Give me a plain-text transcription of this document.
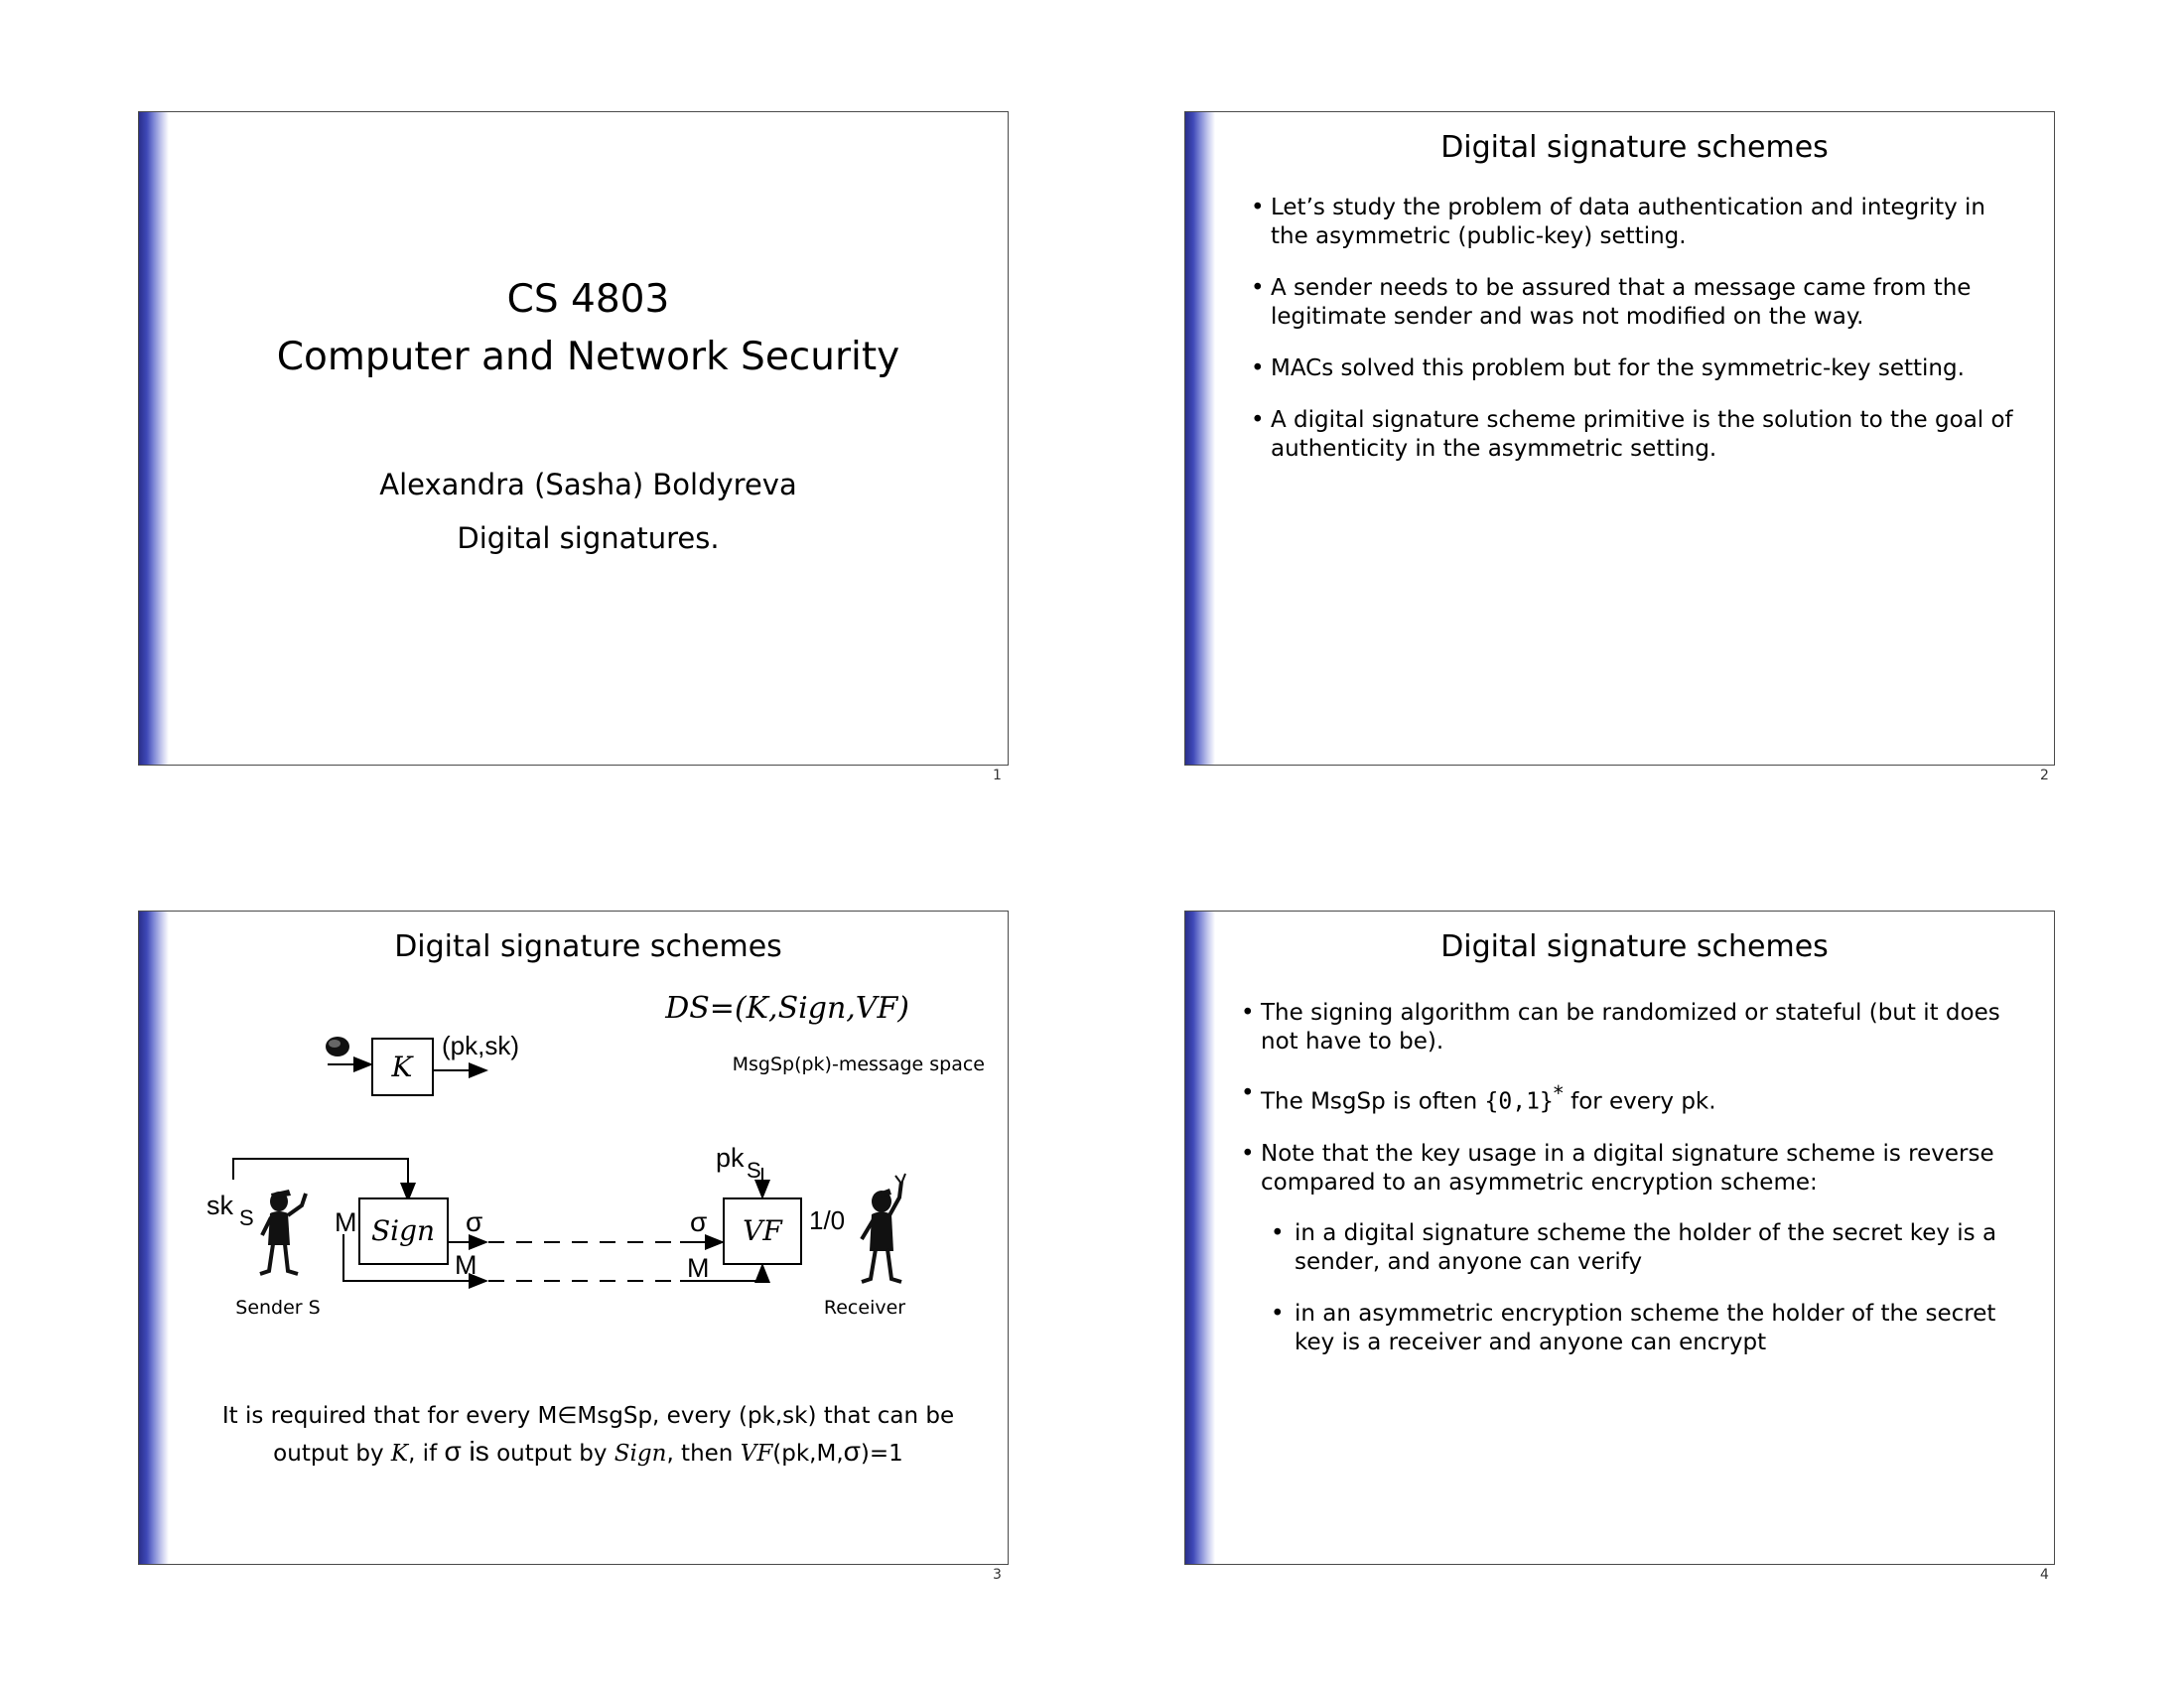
CS 4803
Computer and Network Security
Alexandra (Sasha) Boldyreva
Digital signatures.
1
Digital signature schemes
• Let’s study the problem of data authentication and integrity in the asymmetric (public-key) setting.
• A sender needs to be assured that a message came from the legitimate sender and was not modified on the way.
• MACs solved this problem but for the symmetric-key setting.
• A digital signature scheme primitive is the solution to the goal of authenticity in the asymmetric setting.
2
Digital signature schemes
DS=(K,Sign,VF)
MsgSp(pk)-message space
K
(pk,sk)
sk S	M Sign σ
M
σ
M
pk S
VF 1/0
Sender S	Receiver
It is required that for every M∈MsgSp, every (pk,sk) that can be
output by K, if σ is output by Sign, then VF(pk,M,σ)=1
3
Digital signature schemes
• The signing algorithm can be randomized or stateful (but it does not have to be).
• The MsgSp is often {0,1}* for every pk.
• Note that the key usage in a digital signature scheme is reverse compared to an asymmetric encryption scheme:
• in a digital signature scheme the holder of the secret key is a sender, and anyone can verify
• in an asymmetric encryption scheme the holder of the secret key is a receiver and anyone can encrypt
4
